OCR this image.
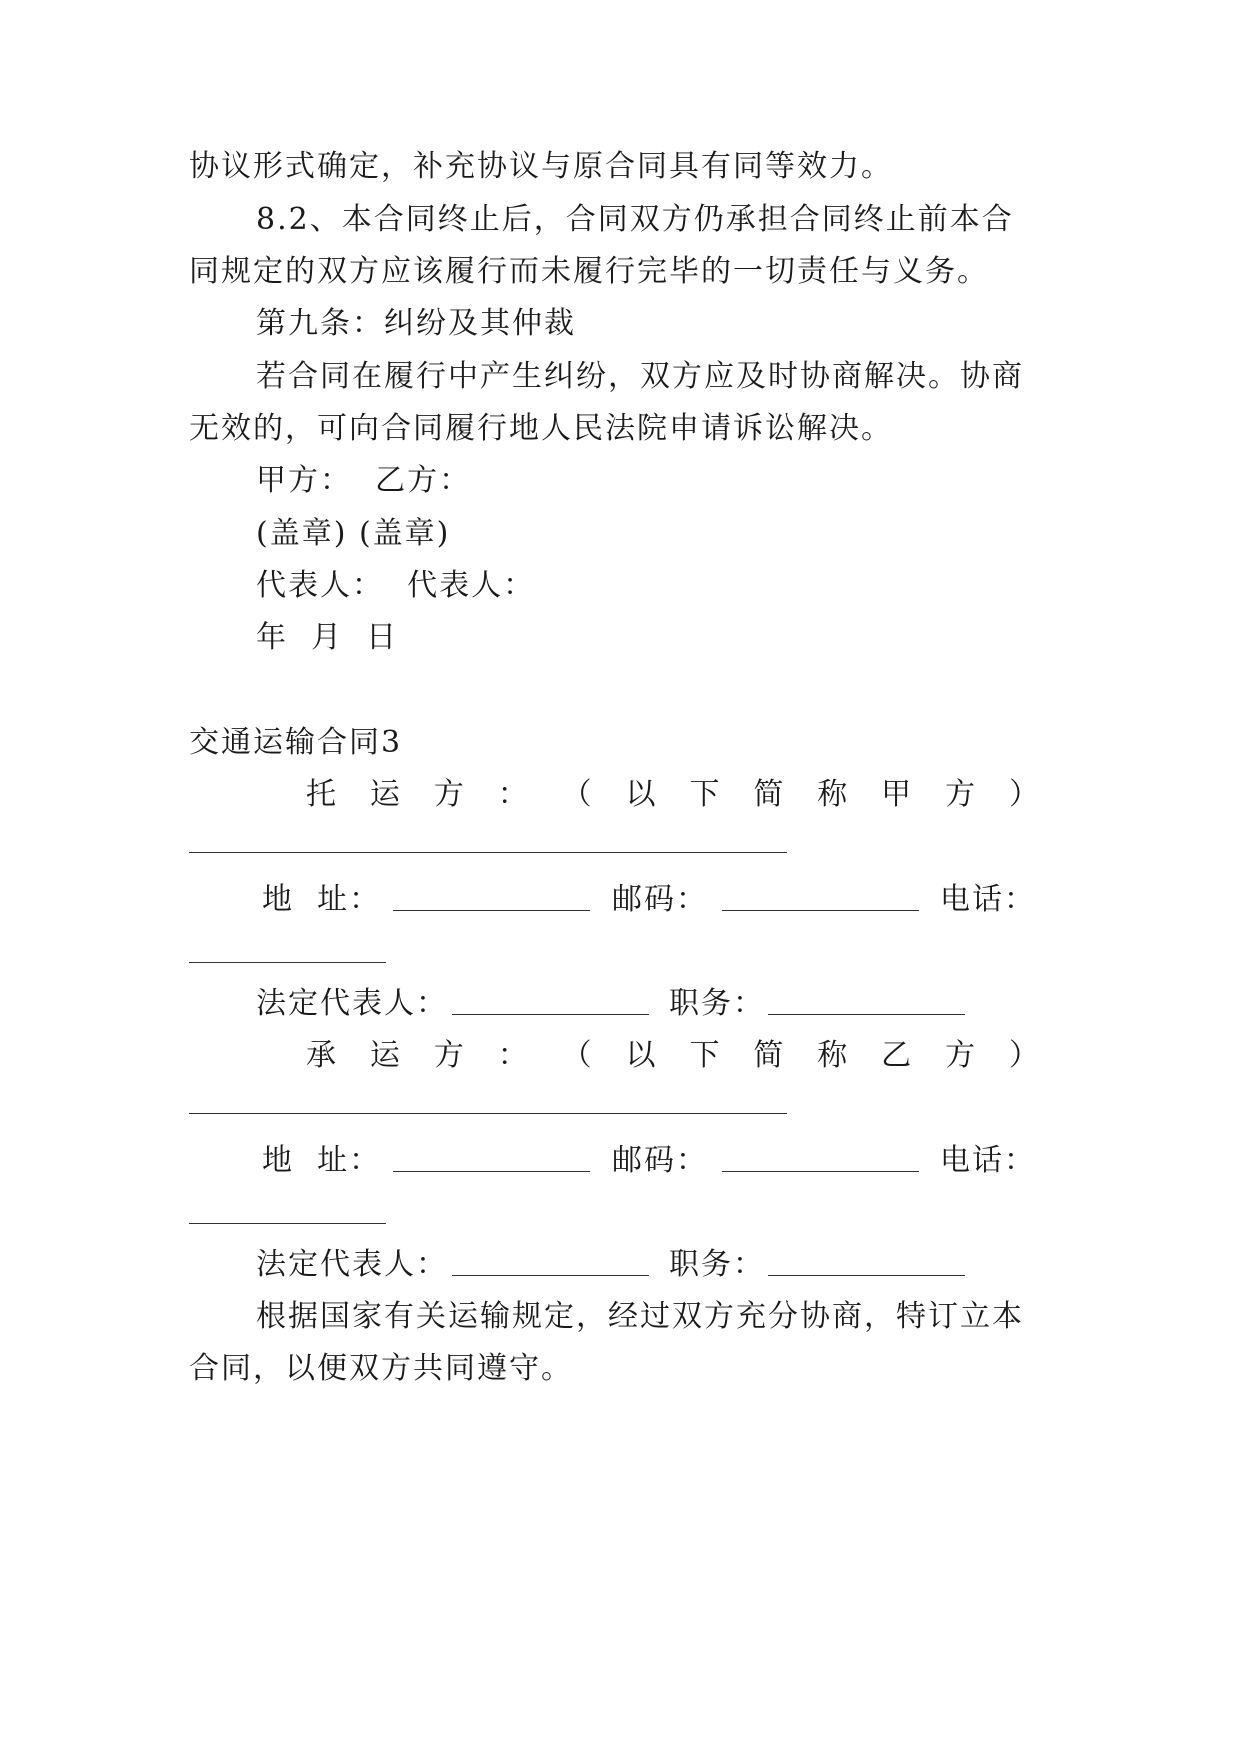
协议形式确定，补充协议与原合同具有同等效力。
8.2、本合同终止后，合同双方仍承担合同终止前本合
同规定的双方应该履行而未履行完毕的一切责任与义务。
第九条：纠纷及其仲裁
若合同在履行中产生纠纷，双方应及时协商解决。协商
无效的，可向合同履行地人民法院申请诉讼解决。
甲方：  乙方：
(盖章) (盖章)
代表人：  代表人：
年  月  日
交通运输合同3
托 运 方 ： （ 以 下 简 称 甲 方 ）
地  址：	邮码：	电话：
法定代表人：	职务：
承 运 方 ： （ 以 下 简 称 乙 方 ）
地  址：	邮码：	电话：
法定代表人：	职务：
根据国家有关运输规定，经过双方充分协商，特订立本
合同，以便双方共同遵守。
